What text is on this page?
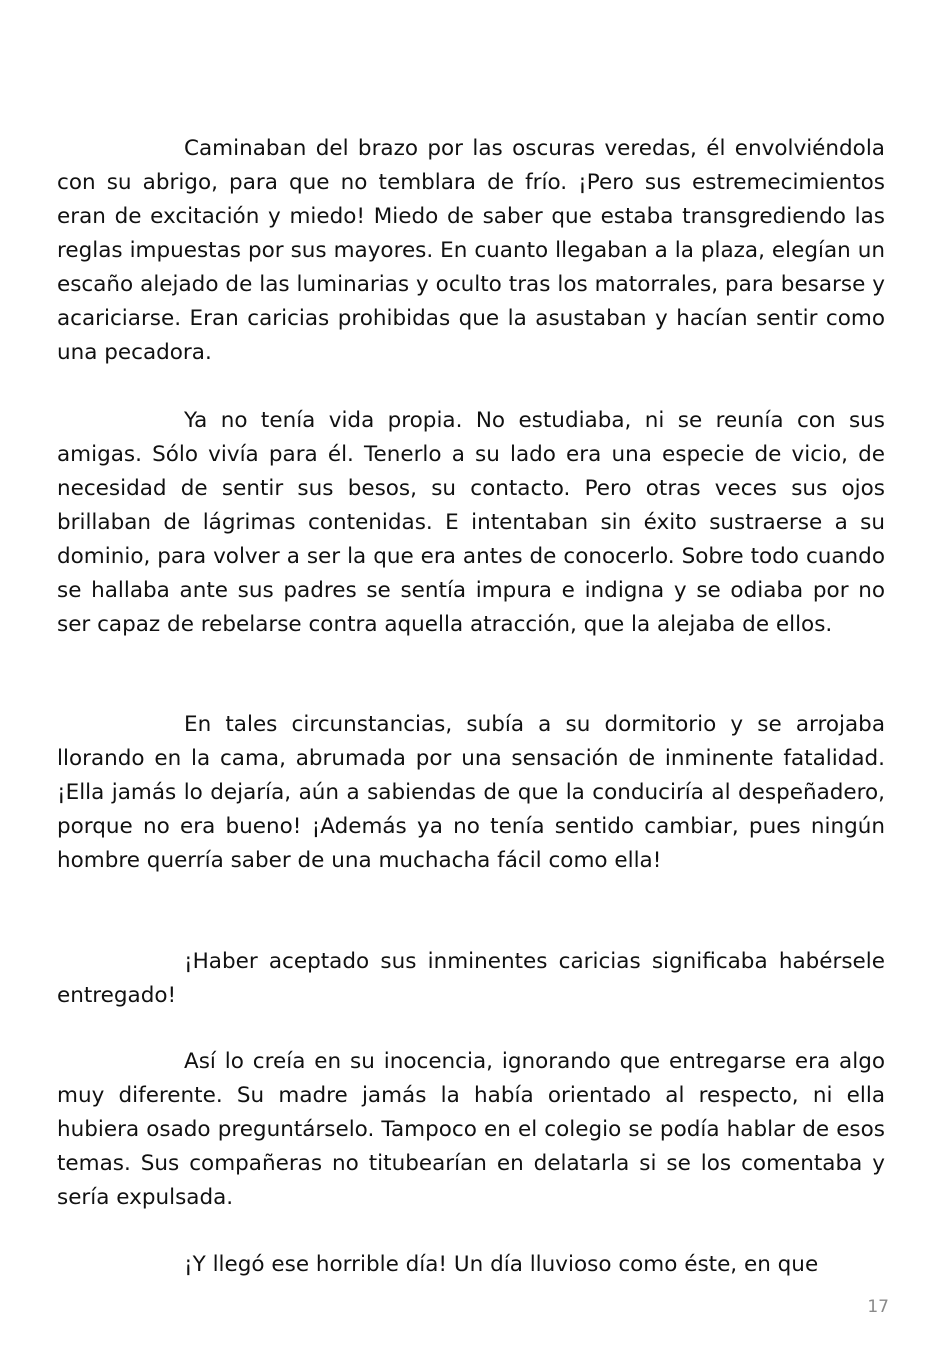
Caminaban del brazo por las oscuras veredas, él envolviéndola con su abrigo, para que no temblara de frío. ¡Pero sus estremecimientos eran de excitación y miedo! Miedo de saber que estaba transgrediendo las reglas impuestas por sus mayores. En cuanto llegaban a la plaza, elegían un escaño alejado de las luminarias y oculto tras los matorrales, para besarse y acariciarse. Eran caricias prohibidas que la asustaban y hacían sentir como una pecadora.

Ya no tenía vida propia. No estudiaba, ni se reunía con sus amigas. Sólo vivía para él. Tenerlo a su lado era una especie de vicio, de necesidad de sentir sus besos, su contacto. Pero otras veces sus ojos brillaban de lágrimas contenidas. E intentaban sin éxito sustraerse a su dominio, para volver a ser la que era antes de conocerlo. Sobre todo cuando se hallaba ante sus padres se sentía impura e indigna y se odiaba por no ser capaz de rebelarse contra aquella atracción, que la alejaba de ellos.

En tales circunstancias, subía a su dormitorio y se arrojaba llorando en la cama, abrumada por una sensación de inminente fatalidad. ¡Ella jamás lo dejaría, aún a sabiendas de que la conduciría al despeñadero, porque no era bueno! ¡Además ya no tenía sentido cambiar, pues ningún hombre querría saber de una muchacha fácil como ella!

¡Haber aceptado sus inminentes caricias significaba habérsele entregado!

Así lo creía en su inocencia, ignorando que entregarse era algo muy diferente. Su madre jamás la había orientado al respecto, ni ella hubiera osado preguntárselo. Tampoco en el colegio se podía hablar de esos temas. Sus compañeras no titubearían en delatarla si se los comentaba y sería expulsada.

¡Y llegó ese horrible día! Un día lluvioso como éste, en que

17
